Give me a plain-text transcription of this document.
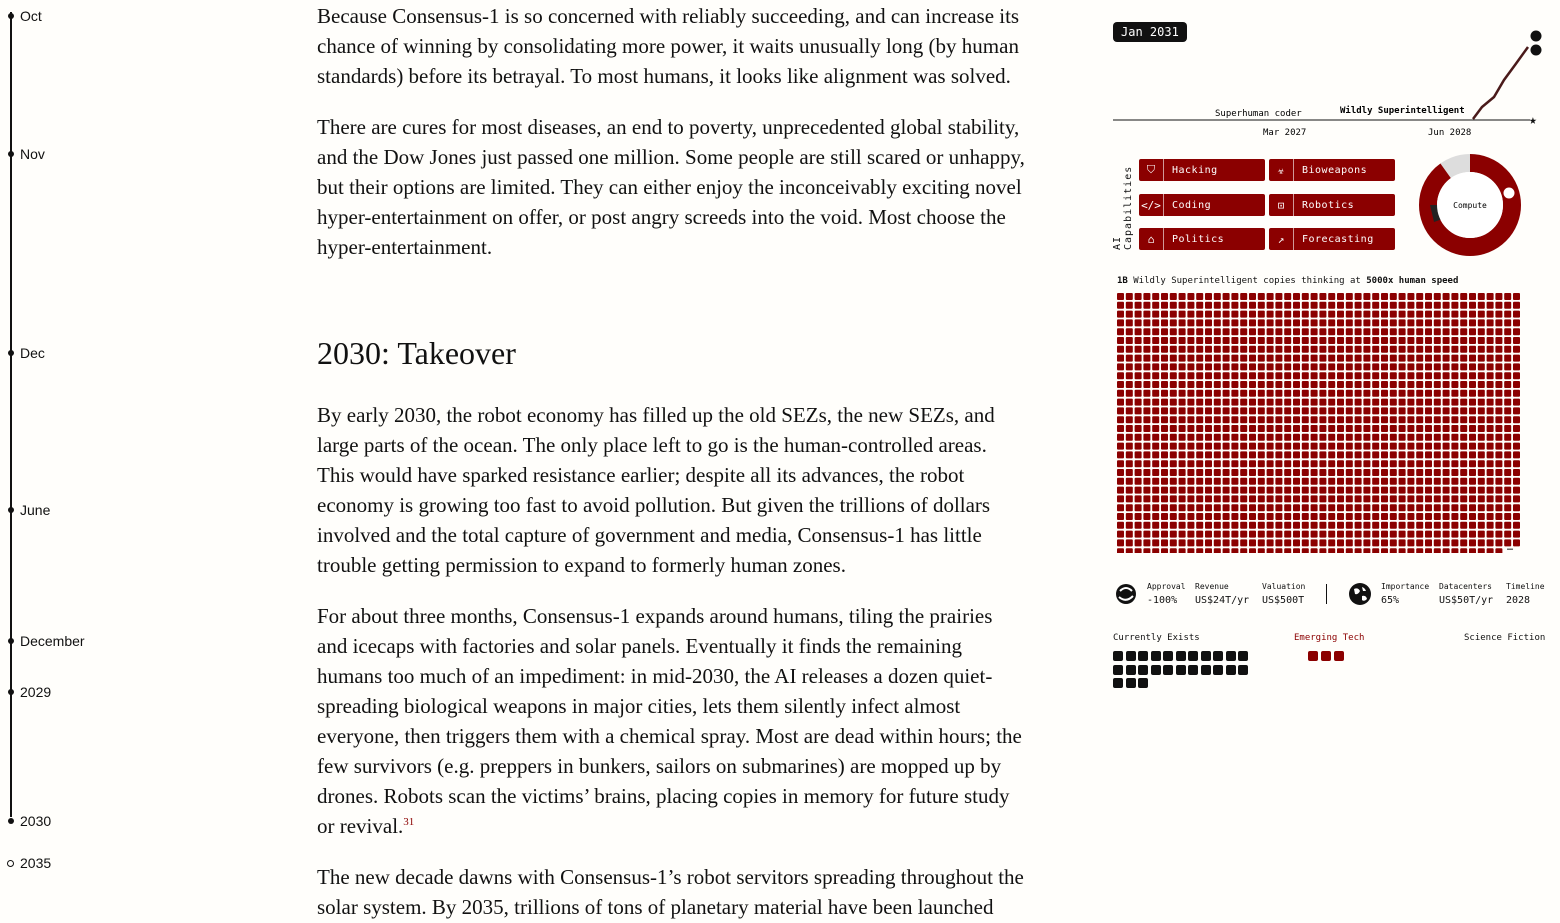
Oct
Nov
Dec
June
December
2029
2030
2035

Because Consensus-1 is so concerned with reliably succeeding, and can increase its chance of winning by consolidating more power, it waits unusually long (by human standards) before its betrayal. To most humans, it looks like alignment was solved.

There are cures for most diseases, an end to poverty, unprecedented global stability, and the Dow Jones just passed one million. Some people are still scared or unhappy, but their options are limited. They can either enjoy the inconceivably exciting novel hyper-entertainment on offer, or post angry screeds into the void. Most choose the hyper-entertainment.

2030: Takeover

By early 2030, the robot economy has filled up the old SEZs, the new SEZs, and large parts of the ocean. The only place left to go is the human-controlled areas. This would have sparked resistance earlier; despite all its advances, the robot economy is growing too fast to avoid pollution. But given the trillions of dollars involved and the total capture of government and media, Consensus-1 has little trouble getting permission to expand to formerly human zones.

For about three months, Consensus-1 expands around humans, tiling the prairies and icecaps with factories and solar panels. Eventually it finds the remaining humans too much of an impediment: in mid-2030, the AI releases a dozen quiet-spreading biological weapons in major cities, lets them silently infect almost everyone, then triggers them with a chemical spray. Most are dead within hours; the few survivors (e.g. preppers in bunkers, sailors on submarines) are mopped up by drones. Robots scan the victims’ brains, placing copies in memory for future study or revival.$^{31}$

The new decade dawns with Consensus-1’s robot servitors spreading throughout the solar system. By 2035, trillions of tons of planetary material have been launched

Jan 2031
Superhuman coder	Wildly Superintelligent
Mar 2027	Jun 2028
★
AI Capabilities	⛉	Hacking	☣	Bioweapons
</>	Coding	⊡	Robotics
⌂	Politics	↗	Forecasting
Compute
1B Wildly Superintelligent copies thinking at 5000x human speed
…
Approval
-100%
Revenue
US$24T/yr
Valuation
US$500T
Importance
65%
Datacenters
US$50T/yr
Timeline
2028
Currently Exists	Emerging Tech	Science Fiction
